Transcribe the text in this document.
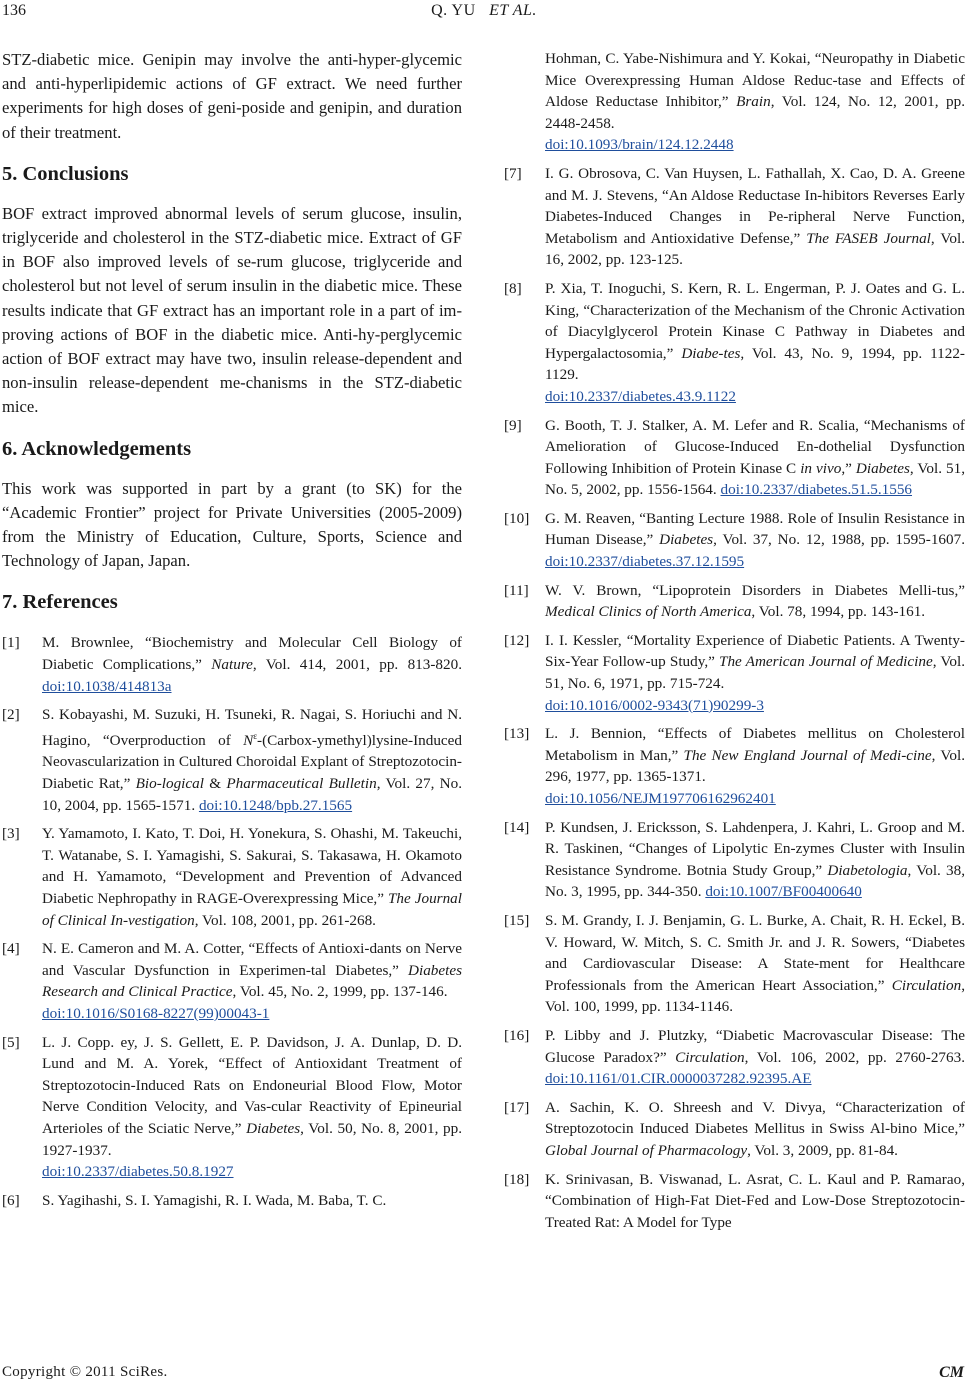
136	Q. YU ET AL.

STZ-diabetic mice. Genipin may involve the anti-hyper-glycemic and anti-hyperlipidemic actions of GF extract. We need further experiments for high doses of geni-poside and genipin, and duration of their treatment.

5. Conclusions

BOF extract improved abnormal levels of serum glucose, insulin, triglyceride and cholesterol in the STZ-diabetic mice. Extract of GF in BOF also improved levels of se-rum glucose, triglyceride and cholesterol but not level of serum insulin in the diabetic mice. These results indicate that GF extract has an important role in a part of im-proving actions of BOF in the diabetic mice. Anti-hy-perglycemic action of BOF extract may have two, insulin release-dependent and non-insulin release-dependent me-chanisms in the STZ-diabetic mice.

6. Acknowledgements

This work was supported in part by a grant (to SK) for the “Academic Frontier” project for Private Universities (2005-2009) from the Ministry of Education, Culture, Sports, Science and Technology of Japan, Japan.

7. References
[1] M. Brownlee, “Biochemistry and Molecular Cell Biology of Diabetic Complications,” Nature, Vol. 414, 2001, pp. 813-820. doi:10.1038/414813a
[2] S. Kobayashi, M. Suzuki, H. Tsuneki, R. Nagai, S. Horiuchi and N. Hagino, “Overproduction of $N^\varepsilon-(Carbox-ymethyl)lysine$-Induced Neovascularization in Cultured Choroidal Explant of Streptozotocin-Diabetic Rat,” Bio-logical & Pharmaceutical Bulletin, Vol. 27, No. 10, 2004, pp. 1565-1571. doi:10.1248/bpb.27.1565
[3] Y. Yamamoto, I. Kato, T. Doi, H. Yonekura, S. Ohashi, M. Takeuchi, T. Watanabe, S. I. Yamagishi, S. Sakurai, S. Takasawa, H. Okamoto and H. Yamamoto, “Development and Prevention of Advanced Diabetic Nephropathy in RAGE-Overexpressing Mice,” The Journal of Clinical In-vestigation, Vol. 108, 2001, pp. 261-268.
[4] N. E. Cameron and M. A. Cotter, “Effects of Antioxi-dants on Nerve and Vascular Dysfunction in Experimen-tal Diabetes,” Diabetes Research and Clinical Practice, Vol. 45, No. 2, 1999, pp. 137-146.
doi:10.1016/S0168-8227(99)00043-1
[5] L. J. Copp. ey, J. S. Gellett, E. P. Davidson, J. A. Dunlap, D. D. Lund and M. A. Yorek, “Effect of Antioxidant Treatment of Streptozotocin-Induced Rats on Endoneurial Blood Flow, Motor Nerve Condition Velocity, and Vas-cular Reactivity of Epineurial Arterioles of the Sciatic Nerve,” Diabetes, Vol. 50, No. 8, 2001, pp. 1927-1937.
doi:10.2337/diabetes.50.8.1927
[6] S. Yagihashi, S. I. Yamagishi, R. I. Wada, M. Baba, T. C.
Hohman, C. Yabe-Nishimura and Y. Kokai, “Neuropathy in Diabetic Mice Overexpressing Human Aldose Reduc-tase and Effects of Aldose Reductase Inhibitor,” Brain, Vol. 124, No. 12, 2001, pp. 2448-2458.
doi:10.1093/brain/124.12.2448
[7] I. G. Obrosova, C. Van Huysen, L. Fathallah, X. Cao, D. A. Greene and M. J. Stevens, “An Aldose Reductase In-hibitors Reverses Early Diabetes-Induced Changes in Pe-ripheral Nerve Function, Metabolism and Antioxidative Defense,” The FASEB Journal, Vol. 16, 2002, pp. 123-125.
[8] P. Xia, T. Inoguchi, S. Kern, R. L. Engerman, P. J. Oates and G. L. King, “Characterization of the Mechanism of the Chronic Activation of Diacylglycerol Protein Kinase C Pathway in Diabetes and Hypergalactosomia,” Diabe-tes, Vol. 43, No. 9, 1994, pp. 1122-1129.
doi:10.2337/diabetes.43.9.1122
[9] G. Booth, T. J. Stalker, A. M. Lefer and R. Scalia, “Mechanisms of Amelioration of Glucose-Induced En-dothelial Dysfunction Following Inhibition of Protein Kinase C in vivo,” Diabetes, Vol. 51, No. 5, 2002, pp. 1556-1564. doi:10.2337/diabetes.51.5.1556
[10] G. M. Reaven, “Banting Lecture 1988. Role of Insulin Resistance in Human Disease,” Diabetes, Vol. 37, No. 12, 1988, pp. 1595-1607. doi:10.2337/diabetes.37.12.1595
[11] W. V. Brown, “Lipoprotein Disorders in Diabetes Melli-tus,” Medical Clinics of North America, Vol. 78, 1994, pp. 143-161.
[12] I. I. Kessler, “Mortality Experience of Diabetic Patients. A Twenty-Six-Year Follow-up Study,” The American Journal of Medicine, Vol. 51, No. 6, 1971, pp. 715-724.
doi:10.1016/0002-9343(71)90299-3
[13] L. J. Bennion, “Effects of Diabetes mellitus on Cholesterol Metabolism in Man,” The New England Journal of Medi-cine, Vol. 296, 1977, pp. 1365-1371.
doi:10.1056/NEJM197706162962401
[14] P. Kundsen, J. Ericksson, S. Lahdenpera, J. Kahri, L. Groop and M. R. Taskinen, “Changes of Lipolytic En-zymes Cluster with Insulin Resistance Syndrome. Botnia Study Group,” Diabetologia, Vol. 38, No. 3, 1995, pp. 344-350. doi:10.1007/BF00400640
[15] S. M. Grandy, I. J. Benjamin, G. L. Burke, A. Chait, R. H. Eckel, B. V. Howard, W. Mitch, S. C. Smith Jr. and J. R. Sowers, “Diabetes and Cardiovascular Disease: A State-ment for Healthcare Professionals from the American Heart Association,” Circulation, Vol. 100, 1999, pp. 1134-1146.
[16] P. Libby and J. Plutzky, “Diabetic Macrovascular Disease: The Glucose Paradox?” Circulation, Vol. 106, 2002, pp. 2760-2763. doi:10.1161/01.CIR.0000037282.92395.AE
[17] A. Sachin, K. O. Shreesh and V. Divya, “Characterization of Streptozotocin Induced Diabetes Mellitus in Swiss Al-bino Mice,” Global Journal of Pharmacology, Vol. 3, 2009, pp. 81-84.
[18] K. Srinivasan, B. Viswanad, L. Asrat, C. L. Kaul and P. Ramarao, “Combination of High-Fat Diet-Fed and Low-Dose Streptozotocin-Treated Rat: A Model for Type
Copyright © 2011 SciRes.	CM
